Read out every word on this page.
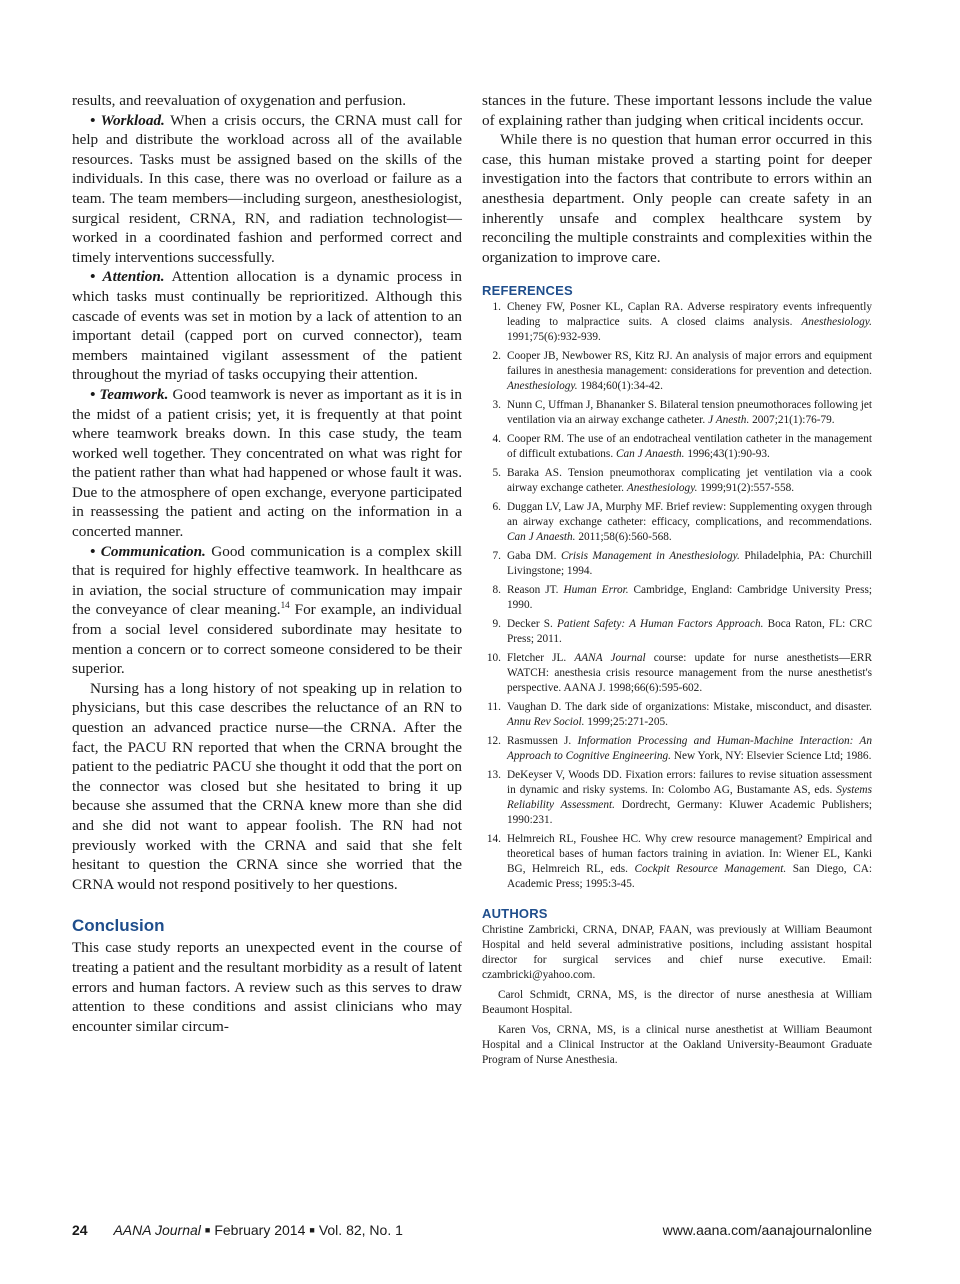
results, and reevaluation of oxygenation and perfusion.

• Workload. When a crisis occurs, the CRNA must call for help and distribute the workload across all of the available resources. Tasks must be assigned based on the skills of the individuals. In this case, there was no overload or failure as a team. The team members—including surgeon, anesthesiologist, surgical resident, CRNA, RN, and radiation technologist—worked in a coordinated fashion and performed correct and timely interventions successfully.

• Attention. Attention allocation is a dynamic process in which tasks must continually be reprioritized. Although this cascade of events was set in motion by a lack of attention to an important detail (capped port on curved connector), team members maintained vigilant assessment of the patient throughout the myriad of tasks occupying their attention.

• Teamwork. Good teamwork is never as important as it is in the midst of a patient crisis; yet, it is frequently at that point where teamwork breaks down. In this case study, the team worked well together. They concentrated on what was right for the patient rather than what had happened or whose fault it was. Due to the atmosphere of open exchange, everyone participated in reassessing the patient and acting on the information in a concerted manner.

• Communication. Good communication is a complex skill that is required for highly effective teamwork. In healthcare as in aviation, the social structure of communication may impair the conveyance of clear meaning.$^{14}$ For example, an individual from a social level considered subordinate may hesitate to mention a concern or to correct someone considered to be their superior.

Nursing has a long history of not speaking up in relation to physicians, but this case describes the reluctance of an RN to question an advanced practice nurse—the CRNA. After the fact, the PACU RN reported that when the CRNA brought the patient to the pediatric PACU she thought it odd that the port on the connector was closed but she hesitated to bring it up because she assumed that the CRNA knew more than she did and she did not want to appear foolish. The RN had not previously worked with the CRNA and said that she felt hesitant to question the CRNA since she worried that the CRNA would not respond positively to her questions.

Conclusion

This case study reports an unexpected event in the course of treating a patient and the resultant morbidity as a result of latent errors and human factors. A review such as this serves to draw attention to these conditions and assist clinicians who may encounter similar circum-

stances in the future. These important lessons include the value of explaining rather than judging when critical incidents occur.

While there is no question that human error occurred in this case, this human mistake proved a starting point for deeper investigation into the factors that contribute to errors within an anesthesia department. Only people can create safety in an inherently unsafe and complex healthcare system by reconciling the multiple constraints and complexities within the organization to improve care.

REFERENCES
1. Cheney FW, Posner KL, Caplan RA. Adverse respiratory events infrequently leading to malpractice suits. A closed claims analysis. Anesthesiology. 1991;75(6):932-939.
2. Cooper JB, Newbower RS, Kitz RJ. An analysis of major errors and equipment failures in anesthesia management: considerations for prevention and detection. Anesthesiology. 1984;60(1):34-42.
3. Nunn C, Uffman J, Bhananker S. Bilateral tension pneumothoraces following jet ventilation via an airway exchange catheter. J Anesth. 2007;21(1):76-79.
4. Cooper RM. The use of an endotracheal ventilation catheter in the management of difficult extubations. Can J Anaesth. 1996;43(1):90-93.
5. Baraka AS. Tension pneumothorax complicating jet ventilation via a cook airway exchange catheter. Anesthesiology. 1999;91(2):557-558.
6. Duggan LV, Law JA, Murphy MF. Brief review: Supplementing oxygen through an airway exchange catheter: efficacy, complications, and recommendations. Can J Anaesth. 2011;58(6):560-568.
7. Gaba DM. Crisis Management in Anesthesiology. Philadelphia, PA: Churchill Livingstone; 1994.
8. Reason JT. Human Error. Cambridge, England: Cambridge University Press; 1990.
9. Decker S. Patient Safety: A Human Factors Approach. Boca Raton, FL: CRC Press; 2011.
10. Fletcher JL. AANA Journal course: update for nurse anesthetists—ERR WATCH: anesthesia crisis resource management from the nurse anesthetist's perspective. AANA J. 1998;66(6):595-602.
11. Vaughan D. The dark side of organizations: Mistake, misconduct, and disaster. Annu Rev Sociol. 1999;25:271-205.
12. Rasmussen J. Information Processing and Human-Machine Interaction: An Approach to Cognitive Engineering. New York, NY: Elsevier Science Ltd; 1986.
13. DeKeyser V, Woods DD. Fixation errors: failures to revise situation assessment in dynamic and risky systems. In: Colombo AG, Bustamante AS, eds. Systems Reliability Assessment. Dordrecht, Germany: Kluwer Academic Publishers; 1990:231.
14. Helmreich RL, Foushee HC. Why crew resource management? Empirical and theoretical bases of human factors training in aviation. In: Wiener EL, Kanki BG, Helmreich RL, eds. Cockpit Resource Management. San Diego, CA: Academic Press; 1995:3-45.
AUTHORS

Christine Zambricki, CRNA, DNAP, FAAN, was previously at William Beaumont Hospital and held several administrative positions, including assistant hospital director for surgical services and chief nurse executive. Email: czambricki@yahoo.com.

Carol Schmidt, CRNA, MS, is the director of nurse anesthesia at William Beaumont Hospital.

Karen Vos, CRNA, MS, is a clinical nurse anesthetist at William Beaumont Hospital and a Clinical Instructor at the Oakland University-Beaumont Graduate Program of Nurse Anesthesia.

24 AANA Journal ■ February 2014 ■ Vol. 82, No. 1	www.aana.com/aanajournalonline
